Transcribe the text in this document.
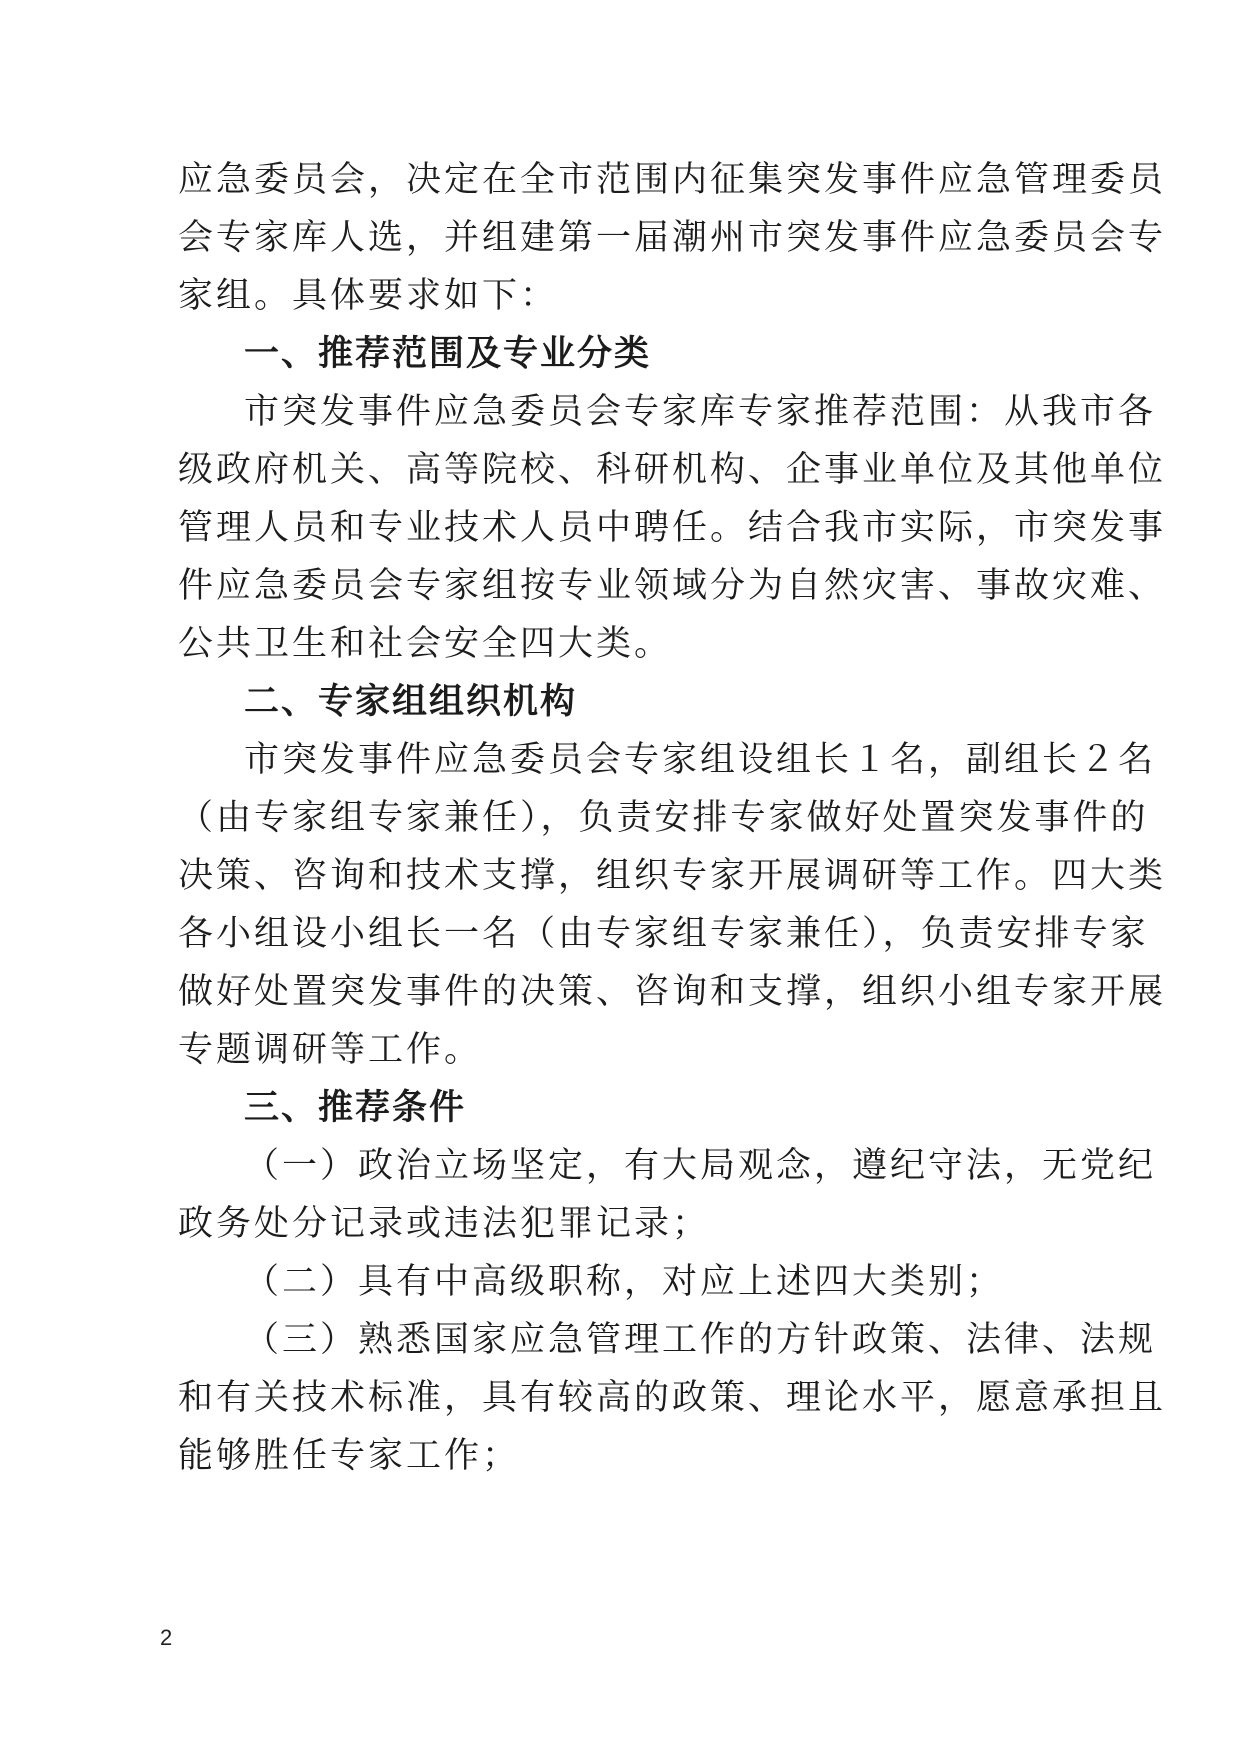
应急委员会，决定在全市范围内征集突发事件应急管理委员
会专家库人选，并组建第一届潮州市突发事件应急委员会专
家组。具体要求如下：
一、推荐范围及专业分类
市突发事件应急委员会专家库专家推荐范围：从我市各
级政府机关、高等院校、科研机构、企事业单位及其他单位
管理人员和专业技术人员中聘任。结合我市实际，市突发事
件应急委员会专家组按专业领域分为自然灾害、事故灾难、
公共卫生和社会安全四大类。
二、专家组组织机构
市突发事件应急委员会专家组设组长１名，副组长２名
（由专家组专家兼任），负责安排专家做好处置突发事件的
决策、咨询和技术支撑，组织专家开展调研等工作。四大类
各小组设小组长一名（由专家组专家兼任），负责安排专家
做好处置突发事件的决策、咨询和支撑，组织小组专家开展
专题调研等工作。
三、推荐条件
（一）政治立场坚定，有大局观念，遵纪守法，无党纪
政务处分记录或违法犯罪记录；
（二）具有中高级职称，对应上述四大类别；
（三）熟悉国家应急管理工作的方针政策、法律、法规
和有关技术标准，具有较高的政策、理论水平，愿意承担且
能够胜任专家工作；
2
